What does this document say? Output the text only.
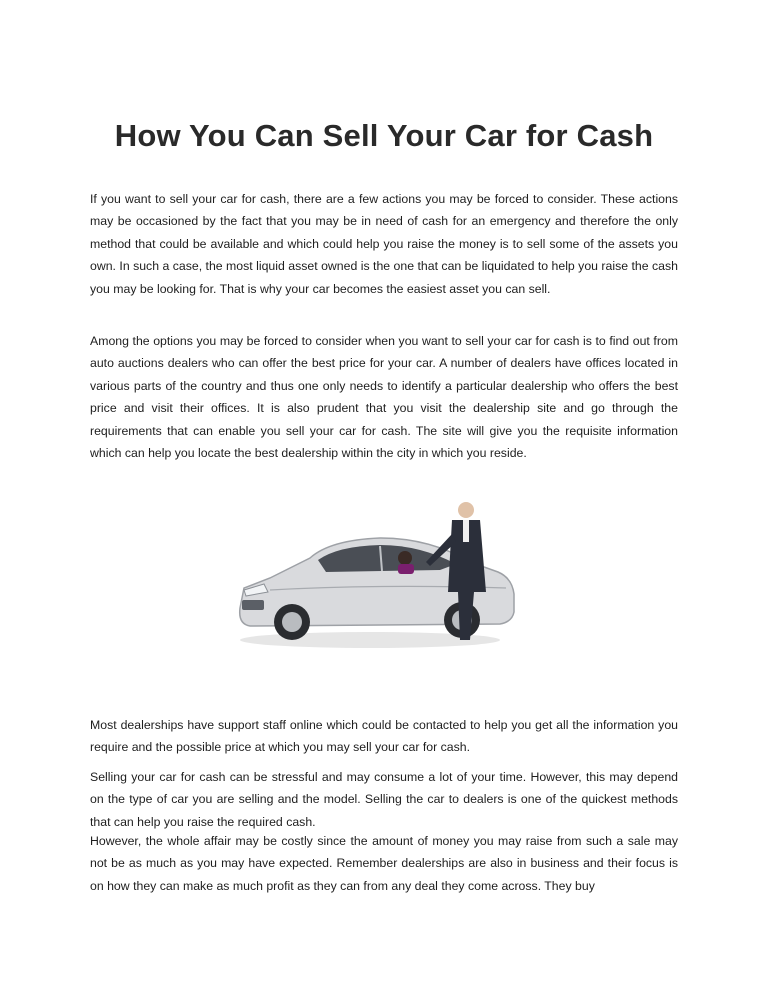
How You Can Sell Your Car for Cash

If you want to sell your car for cash, there are a few actions you may be forced to consider. These actions may be occasioned by the fact that you may be in need of cash for an emergency and therefore the only method that could be available and which could help you raise the money is to sell some of the assets you own. In such a case, the most liquid asset owned is the one that can be liquidated to help you raise the cash you may be looking for. That is why your car becomes the easiest asset you can sell.

Among the options you may be forced to consider when you want to sell your car for cash is to find out from auto auctions dealers who can offer the best price for your car. A number of dealers have offices located in various parts of the country and thus one only needs to identify a particular dealership who offers the best price and visit their offices. It is also prudent that you visit the dealership site and go through the requirements that can enable you sell your car for cash. The site will give you the requisite information which can help you locate the best dealership within the city in which you reside.

Most dealerships have support staff online which could be contacted to help you get all the information you require and the possible price at which you may sell your car for cash.

Selling your car for cash can be stressful and may consume a lot of your time. However, this may depend on the type of car you are selling and the model. Selling the car to dealers is one of the quickest methods that can help you raise the required cash.

However, the whole affair may be costly since the amount of money you may raise from such a sale may not be as much as you may have expected. Remember dealerships are also in business and their focus is on how they can make as much profit as they can from any deal they come across. They buy
